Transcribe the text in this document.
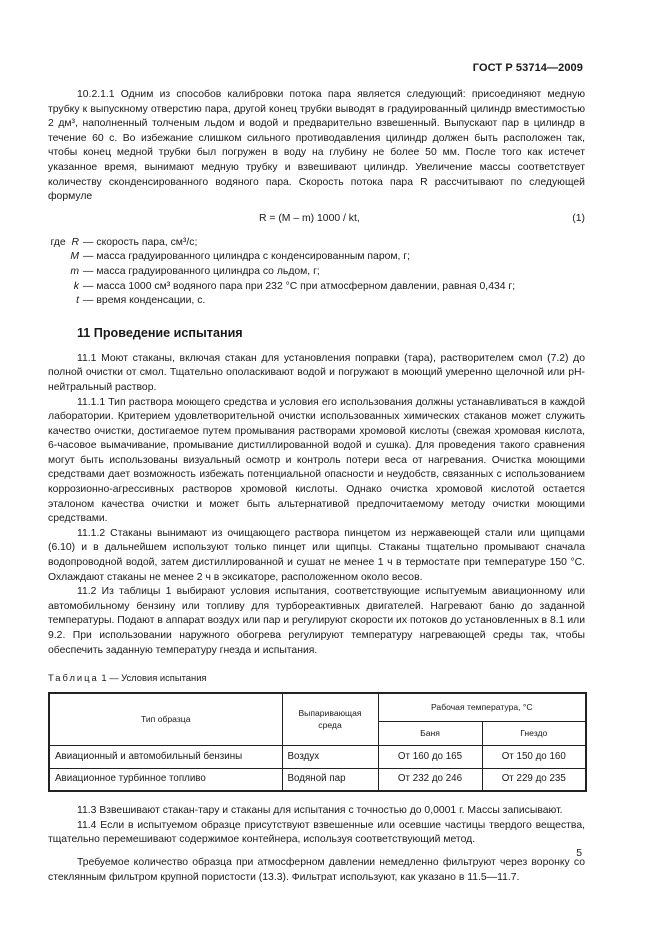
ГОСТ Р 53714—2009

10.2.1.1 Одним из способов калибровки потока пара является следующий: присоединяют медную трубку к выпускному отверстию пара, другой конец трубки выводят в градуированный цилиндр вместимостью 2 дм³, наполненный толченым льдом и водой и предварительно взвешенный. Выпускают пар в цилиндр в течение 60 с. Во избежание слишком сильного противодавления цилиндр должен быть расположен так, чтобы конец медной трубки был погружен в воду на глубину не более 50 мм. После того как истечет указанное время, вынимают медную трубку и взвешивают цилиндр. Увеличение массы соответствует количеству сконденсированного водяного пара. Скорость потока пара R рассчитывают по следующей формуле

R = (M – m) 1000 / kt,	(1)
где R — скорость пара, см³/с;
M — масса градуированного цилиндра с конденсированным паром, г;
m — масса градуированного цилиндра со льдом, г;
k — масса 1000 см³ водяного пара при 232 °С при атмосферном давлении, равная 0,434 г;
t — время конденсации, с.
11 Проведение испытания

11.1 Моют стаканы, включая стакан для установления поправки (тара), растворителем смол (7.2) до полной очистки от смол. Тщательно ополаскивают водой и погружают в моющий умеренно щелочной или pH-нейтральный раствор.

11.1.1 Тип раствора моющего средства и условия его использования должны устанавливаться в каждой лаборатории. Критерием удовлетворительной очистки использованных химических стаканов может служить качество очистки, достигаемое путем промывания растворами хромовой кислоты (свежая хромовая кислота, 6-часовое вымачивание, промывание дистиллированной водой и сушка). Для проведения такого сравнения могут быть использованы визуальный осмотр и контроль потери веса от нагревания. Очистка моющими средствами дает возможность избежать потенциальной опасности и неудобств, связанных с использованием коррозионно-агрессивных растворов хромовой кислоты. Однако очистка хромовой кислотой остается эталоном качества очистки и может быть альтернативой предпочитаемому методу очистки моющими средствами.

11.1.2 Стаканы вынимают из очищающего раствора пинцетом из нержавеющей стали или щипцами (6.10) и в дальнейшем используют только пинцет или щипцы. Стаканы тщательно промывают сначала водопроводной водой, затем дистиллированной и сушат не менее 1 ч в термостате при температуре 150 °С. Охлаждают стаканы не менее 2 ч в эксикаторе, расположенном около весов.

11.2 Из таблицы 1 выбирают условия испытания, соответствующие испытуемым авиационному или автомобильному бензину или топливу для турбореактивных двигателей. Нагревают баню до заданной температуры. Подают в аппарат воздух или пар и регулируют скорости их потоков до установленных в 8.1 или 9.2. При использовании наружного обогрева регулируют температуру нагревающей среды так, чтобы обеспечить заданную температуру гнезда и испытания.

Таблица 1 — Условия испытания
Тип образца	Выпаривающая среда	Рабочая температура, °С	
		Баня	Гнездо
Авиационный и автомобильный бензины	Воздух	От 160 до 165	От 150 до 160
Авиационное турбинное топливо	Водяной пар	От 232 до 246	От 229 до 235

11.3 Взвешивают стакан-тару и стаканы для испытания с точностью до 0,0001 г. Массы записывают.

11.4 Если в испытуемом образце присутствуют взвешенные или осевшие частицы твердого вещества, тщательно перемешивают содержимое контейнера, используя соответствующий метод.

Требуемое количество образца при атмосферном давлении немедленно фильтруют через воронку со стеклянным фильтром крупной пористости (13.3). Фильтрат используют, как указано в 11.5—11.7.

5
